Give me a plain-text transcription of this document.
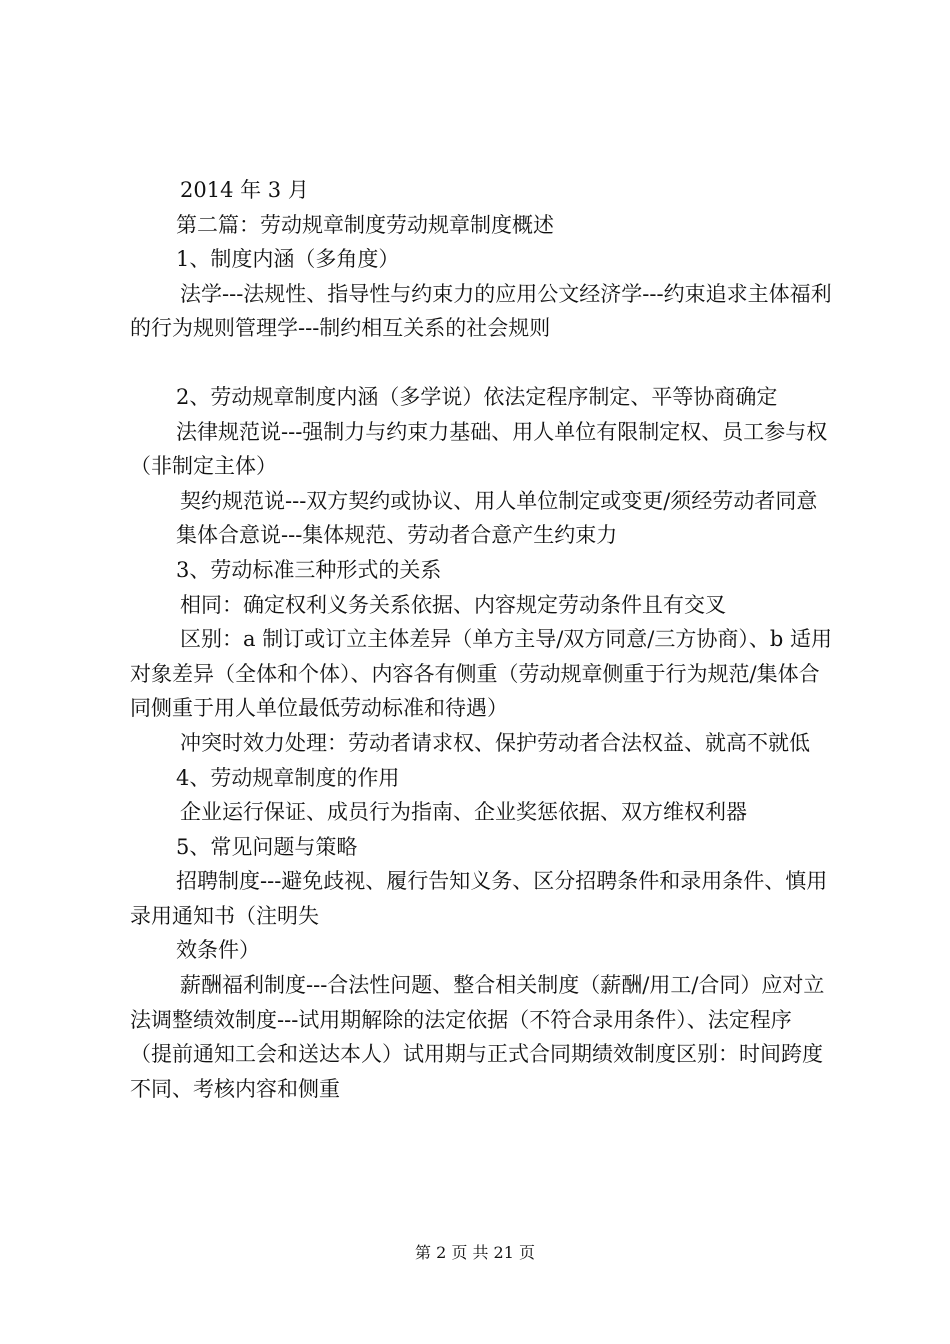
2014 年 3 月

第二篇：劳动规章制度劳动规章制度概述

1、制度内涵（多角度）

法学---法规性、指导性与约束力的应用公文经济学---约束追求主体福利的行为规则管理学---制约相互关系的社会规则

2、劳动规章制度内涵（多学说）依法定程序制定、平等协商确定

法律规范说---强制力与约束力基础、用人单位有限制定权、员工参与权（非制定主体）

契约规范说---双方契约或协议、用人单位制定或变更/须经劳动者同意

集体合意说---集体规范、劳动者合意产生约束力

3、劳动标准三种形式的关系

相同：确定权利义务关系依据、内容规定劳动条件且有交叉

区别：a 制订或订立主体差异（单方主导/双方同意/三方协商）、b 适用对象差异（全体和个体）、内容各有侧重（劳动规章侧重于行为规范/集体合同侧重于用人单位最低劳动标准和待遇）

冲突时效力处理：劳动者请求权、保护劳动者合法权益、就高不就低

4、劳动规章制度的作用

企业运行保证、成员行为指南、企业奖惩依据、双方维权利器

5、常见问题与策略

招聘制度---避免歧视、履行告知义务、区分招聘条件和录用条件、慎用录用通知书（注明失

效条件）

薪酬福利制度---合法性问题、整合相关制度（薪酬/用工/合同）应对立法调整绩效制度---试用期解除的法定依据（不符合录用条件）、法定程序（提前通知工会和送达本人）试用期与正式合同期绩效制度区别：时间跨度不同、考核内容和侧重

第 2 页 共 21 页
